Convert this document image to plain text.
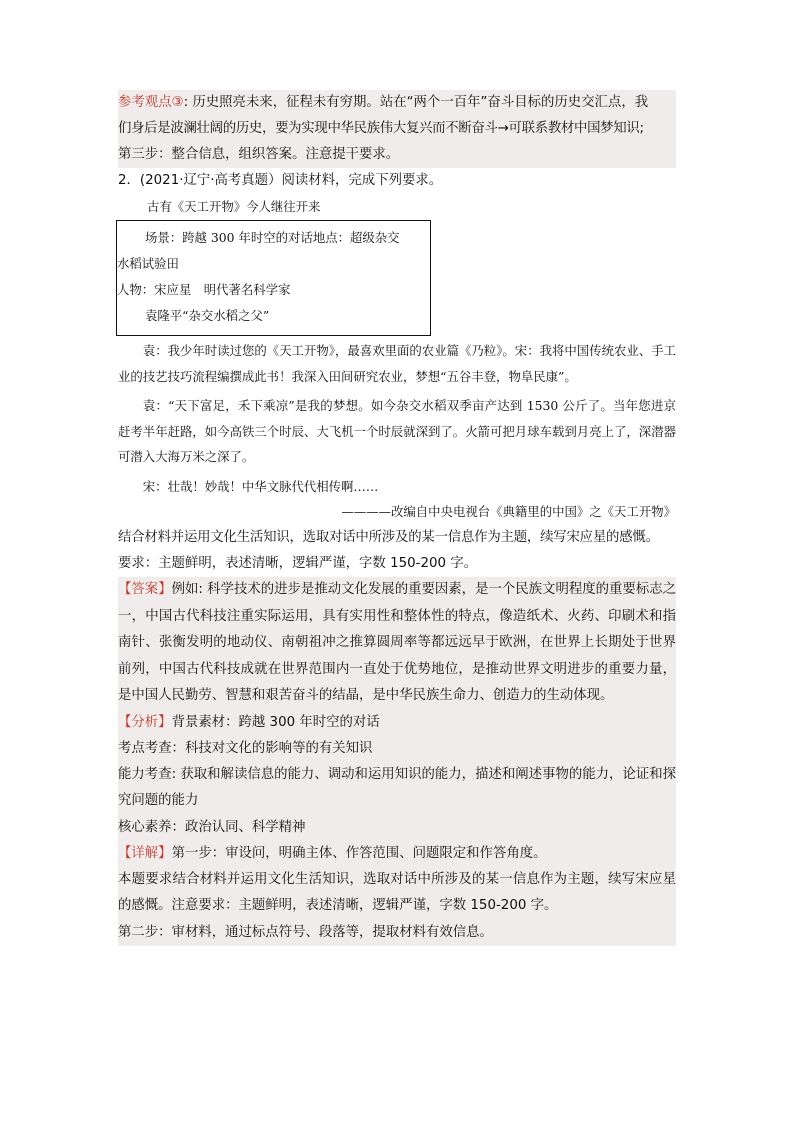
参考观点③: 历史照亮未来，征程未有穷期。站在“两个一百年”奋斗目标的历史交汇点，我
们身后是波澜壮阔的历史，要为实现中华民族伟大复兴而不断奋斗→可联系教材中国梦知识;
第三步：整合信息，组织答案。注意提干要求。
2．(2021·辽宁·高考真题）阅读材料，完成下列要求。
古有《天工开物》今人继往开来
场景：跨越 300 年时空的对话地点：超级杂交
水稻试验田
人物：宋应星　明代著名科学家
袁隆平“杂交水稻之父”
袁：我少年时读过您的《天工开物》，最喜欢里面的农业篇《乃粒》。宋：我将中国传统农业、手工业的技艺技巧流程编撰成此书！我深入田间研究农业，梦想“五谷丰登，物阜民康”。
袁：“天下富足，禾下乘凉”是我的梦想。如今杂交水稻双季亩产达到 1530 公斤了。当年您进京赶考半年赶路，如今高铁三个时辰、大飞机一个时辰就深到了。火箭可把月球车载到月亮上了，深潜器可潜入大海万米之深了。
宋：壮哉！妙哉！中华文脉代代相传啊……
————改编自中央电视台《典籍里的中国》之《天工开物》
结合材料并运用文化生活知识，选取对话中所涉及的某一信息作为主题，续写宋应星的感慨。
要求：主题鲜明，表述清晰，逻辑严谨，字数 150-200 字。
【答案】例如: 科学技术的进步是推动文化发展的重要因素，是一个民族文明程度的重要标志之一，中国古代科技注重实际运用，具有实用性和整体性的特点，像造纸术、火药、印刷术和指南针、张衡发明的地动仪、南朝祖冲之推算圆周率等都远远早于欧洲，在世界上长期处于世界前列，中国古代科技成就在世界范围内一直处于优势地位，是推动世界文明进步的重要力量，是中国人民勤劳、智慧和艰苦奋斗的结晶，是中华民族生命力、创造力的生动体现。
【分析】背景素材：跨越 300 年时空的对话
考点考查：科技对文化的影响等的有关知识
能力考查: 获取和解读信息的能力、调动和运用知识的能力，描述和阐述事物的能力，论证和探究问题的能力
核心素养：政治认同、科学精神
【详解】第一步：审设问，明确主体、作答范围、问题限定和作答角度。
本题要求结合材料并运用文化生活知识，选取对话中所涉及的某一信息作为主题，续写宋应星的感慨。注意要求：主题鲜明，表述清晰，逻辑严谨，字数 150-200 字。
第二步：审材料，通过标点符号、段落等，提取材料有效信息。
